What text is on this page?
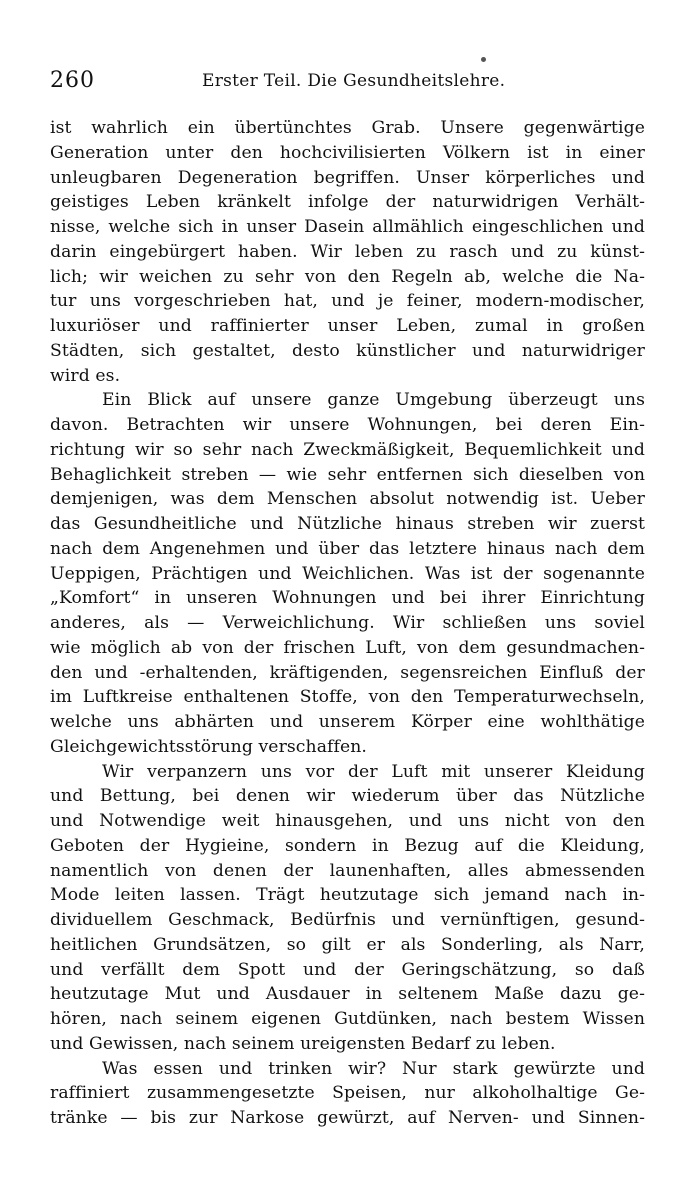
260	Erster Teil. Die Gesundheitslehre.
ist wahrlich ein übertünchtes Grab. Unsere gegenwärtige
Generation unter den hochcivilisierten Völkern ist in einer
unleugbaren Degeneration begriffen. Unser körperliches und
geistiges Leben kränkelt infolge der naturwidrigen Verhält-
nisse, welche sich in unser Dasein allmählich eingeschlichen und
darin eingebürgert haben. Wir leben zu rasch und zu künst-
lich; wir weichen zu sehr von den Regeln ab, welche die Na-
tur uns vorgeschrieben hat, und je feiner, modern-modischer,
luxuriöser und raffinierter unser Leben, zumal in großen
Städten, sich gestaltet, desto künstlicher und naturwidriger
wird es.
Ein Blick auf unsere ganze Umgebung überzeugt uns
davon. Betrachten wir unsere Wohnungen, bei deren Ein-
richtung wir so sehr nach Zweckmäßigkeit, Bequemlichkeit und
Behaglichkeit streben — wie sehr entfernen sich dieselben von
demjenigen, was dem Menschen absolut notwendig ist. Ueber
das Gesundheitliche und Nützliche hinaus streben wir zuerst
nach dem Angenehmen und über das letztere hinaus nach dem
Ueppigen, Prächtigen und Weichlichen. Was ist der sogenannte
„Komfort“ in unseren Wohnungen und bei ihrer Einrichtung
anderes, als — Verweichlichung. Wir schließen uns soviel
wie möglich ab von der frischen Luft, von dem gesundmachen-
den und -erhaltenden, kräftigenden, segensreichen Einfluß der
im Luftkreise enthaltenen Stoffe, von den Temperaturwechseln,
welche uns abhärten und unserem Körper eine wohlthätige
Gleichgewichtsstörung verschaffen.
Wir verpanzern uns vor der Luft mit unserer Kleidung
und Bettung, bei denen wir wiederum über das Nützliche
und Notwendige weit hinausgehen, und uns nicht von den
Geboten der Hygieine, sondern in Bezug auf die Kleidung,
namentlich von denen der launenhaften, alles abmessenden
Mode leiten lassen. Trägt heutzutage sich jemand nach in-
dividuellem Geschmack, Bedürfnis und vernünftigen, gesund-
heitlichen Grundsätzen, so gilt er als Sonderling, als Narr,
und verfällt dem Spott und der Geringschätzung, so daß
heutzutage Mut und Ausdauer in seltenem Maße dazu ge-
hören, nach seinem eigenen Gutdünken, nach bestem Wissen
und Gewissen, nach seinem ureigensten Bedarf zu leben.
Was essen und trinken wir? Nur stark gewürzte und
raffiniert zusammengesetzte Speisen, nur alkoholhaltige Ge-
tränke — bis zur Narkose gewürzt, auf Nerven- und Sinnen-
